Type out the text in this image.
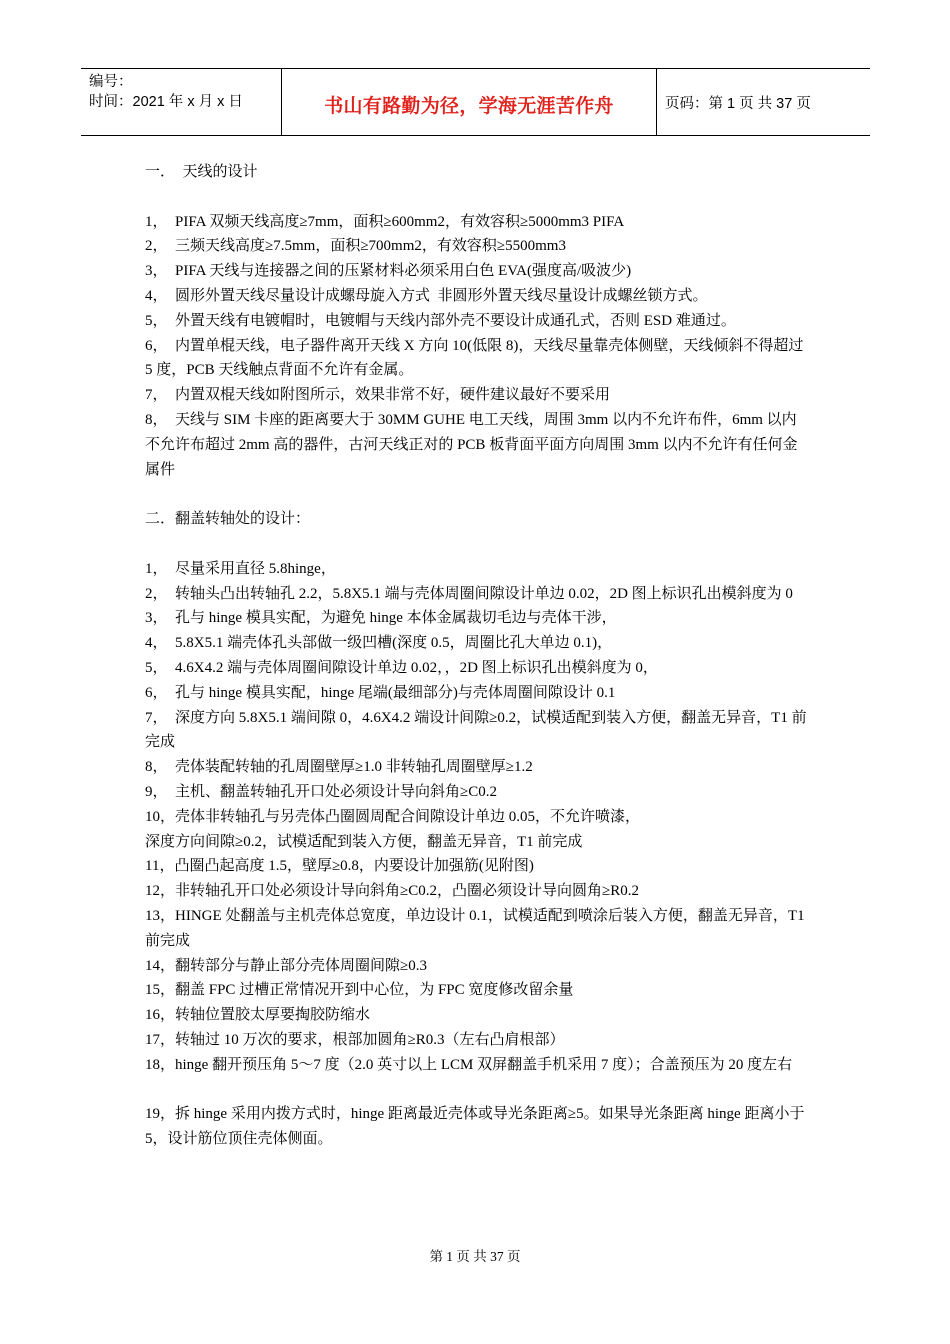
编号：
时间：2021 年 x 月 x 日	书山有路勤为径，学海无涯苦作舟	页码：第 1 页 共 37 页

一．  天线的设计

1，  PIFA 双频天线高度≥7mm，面积≥600mm2，有效容积≥5000mm3 PIFA

2，  三频天线高度≥7.5mm，面积≥700mm2，有效容积≥5500mm3

3，  PIFA 天线与连接器之间的压紧材料必须采用白色 EVA(强度高/吸波少)

4，  圆形外置天线尽量设计成螺母旋入方式  非圆形外置天线尽量设计成螺丝锁方式。

5，  外置天线有电镀帽时，电镀帽与天线内部外壳不要设计成通孔式，否则 ESD 难通过。

6，  内置单棍天线，电子器件离开天线 X 方向 10(低限 8)，天线尽量靠壳体侧壁，天线倾斜不得超过 5 度，PCB 天线触点背面不允许有金属。

7，  内置双棍天线如附图所示，效果非常不好，硬件建议最好不要采用

8，  天线与 SIM 卡座的距离要大于 30MM GUHE 电工天线，周围 3mm 以内不允许布件，6mm 以内不允许布超过 2mm 高的器件，古河天线正对的 PCB 板背面平面方向周围 3mm 以内不允许有任何金属件

二．翻盖转轴处的设计：

1，  尽量采用直径 5.8hinge，

2，  转轴头凸出转轴孔 2.2，5.8X5.1 端与壳体周圈间隙设计单边 0.02，2D 图上标识孔出模斜度为 0

3，  孔与 hinge 模具实配，为避免 hinge 本体金属裁切毛边与壳体干涉，

4，  5.8X5.1 端壳体孔头部做一级凹槽(深度 0.5，周圈比孔大单边 0.1)，

5，  4.6X4.2 端与壳体周圈间隙设计单边 0.02，，2D 图上标识孔出模斜度为 0，

6，  孔与 hinge 模具实配，hinge 尾端(最细部分)与壳体周圈间隙设计 0.1

7，  深度方向 5.8X5.1 端间隙 0，4.6X4.2 端设计间隙≥0.2，试模适配到装入方便，翻盖无异音，T1 前完成

8，  壳体装配转轴的孔周圈壁厚≥1.0 非转轴孔周圈壁厚≥1.2

9，  主机、翻盖转轴孔开口处必须设计导向斜角≥C0.2

10，壳体非转轴孔与另壳体凸圈圆周配合间隙设计单边 0.05，不允许喷漆，

深度方向间隙≥0.2，试模适配到装入方便，翻盖无异音，T1 前完成

11，凸圈凸起高度 1.5，壁厚≥0.8，内要设计加强筋(见附图)

12，非转轴孔开口处必须设计导向斜角≥C0.2，凸圈必须设计导向圆角≥R0.2

13，HINGE 处翻盖与主机壳体总宽度，单边设计 0.1，试模适配到喷涂后装入方便，翻盖无异音，T1 前完成

14，翻转部分与静止部分壳体周圈间隙≥0.3

15，翻盖 FPC 过槽正常情况开到中心位，为 FPC 宽度修改留余量

16，转轴位置胶太厚要掏胶防缩水

17，转轴过 10 万次的要求，根部加圆角≥R0.3（左右凸肩根部）

18，hinge 翻开预压角 5～7 度（2.0 英寸以上 LCM 双屏翻盖手机采用 7 度）；合盖预压为 20 度左右

19，拆 hinge 采用内拨方式时，hinge 距离最近壳体或导光条距离≥5。如果导光条距离 hinge 距离小于 5，设计筋位顶住壳体侧面。

第 1 页 共 37 页
